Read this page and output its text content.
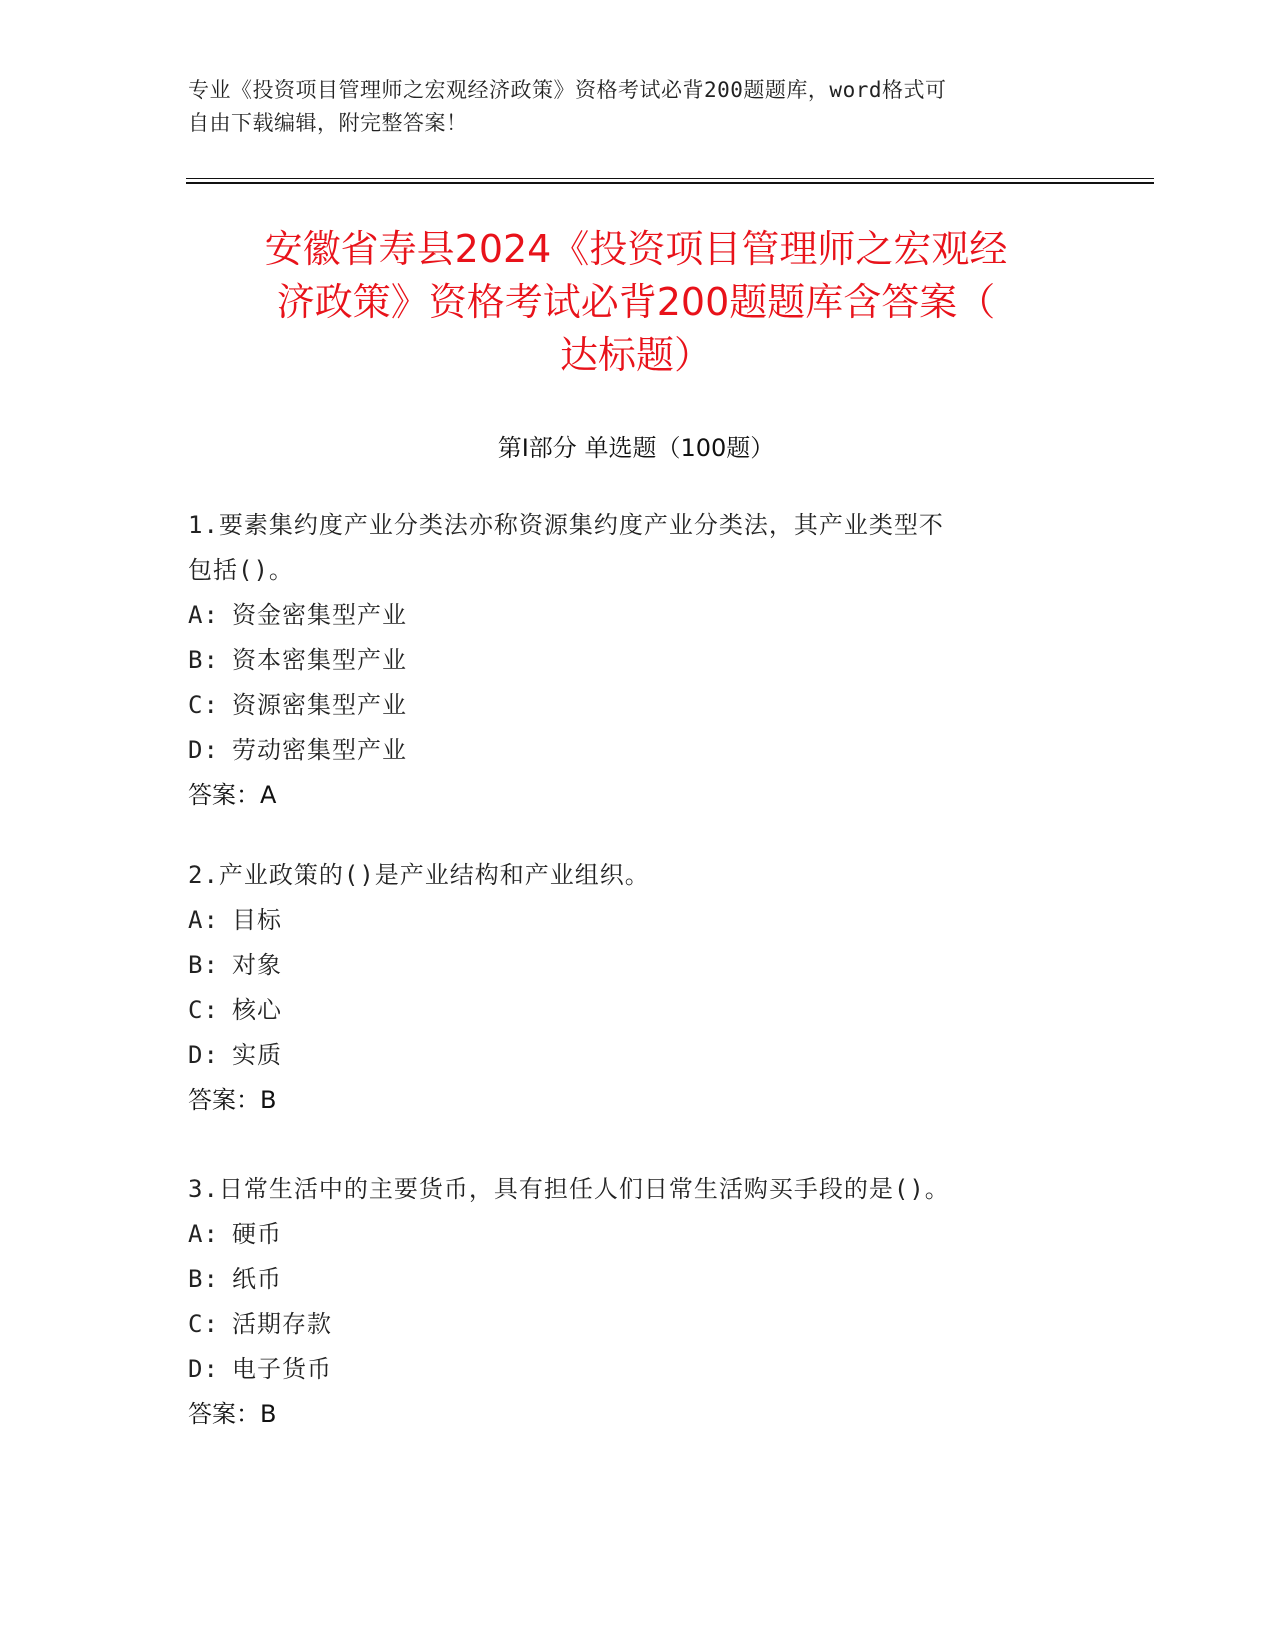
专业《投资项目管理师之宏观经济政策》资格考试必背200题题库，word格式可
自由下载编辑，附完整答案！
安徽省寿县2024《投资项目管理师之宏观经
济政策》资格考试必背200题题库含答案（
达标题）
第Ⅰ部分 单选题（100题）
1.要素集约度产业分类法亦称资源集约度产业分类法，其产业类型不
包括()。
A: 资金密集型产业
B: 资本密集型产业
C: 资源密集型产业
D: 劳动密集型产业
答案：A
2.产业政策的()是产业结构和产业组织。
A: 目标
B: 对象
C: 核心
D: 实质
答案：B
3.日常生活中的主要货币，具有担任人们日常生活购买手段的是()。
A: 硬币
B: 纸币
C: 活期存款
D: 电子货币
答案：B
